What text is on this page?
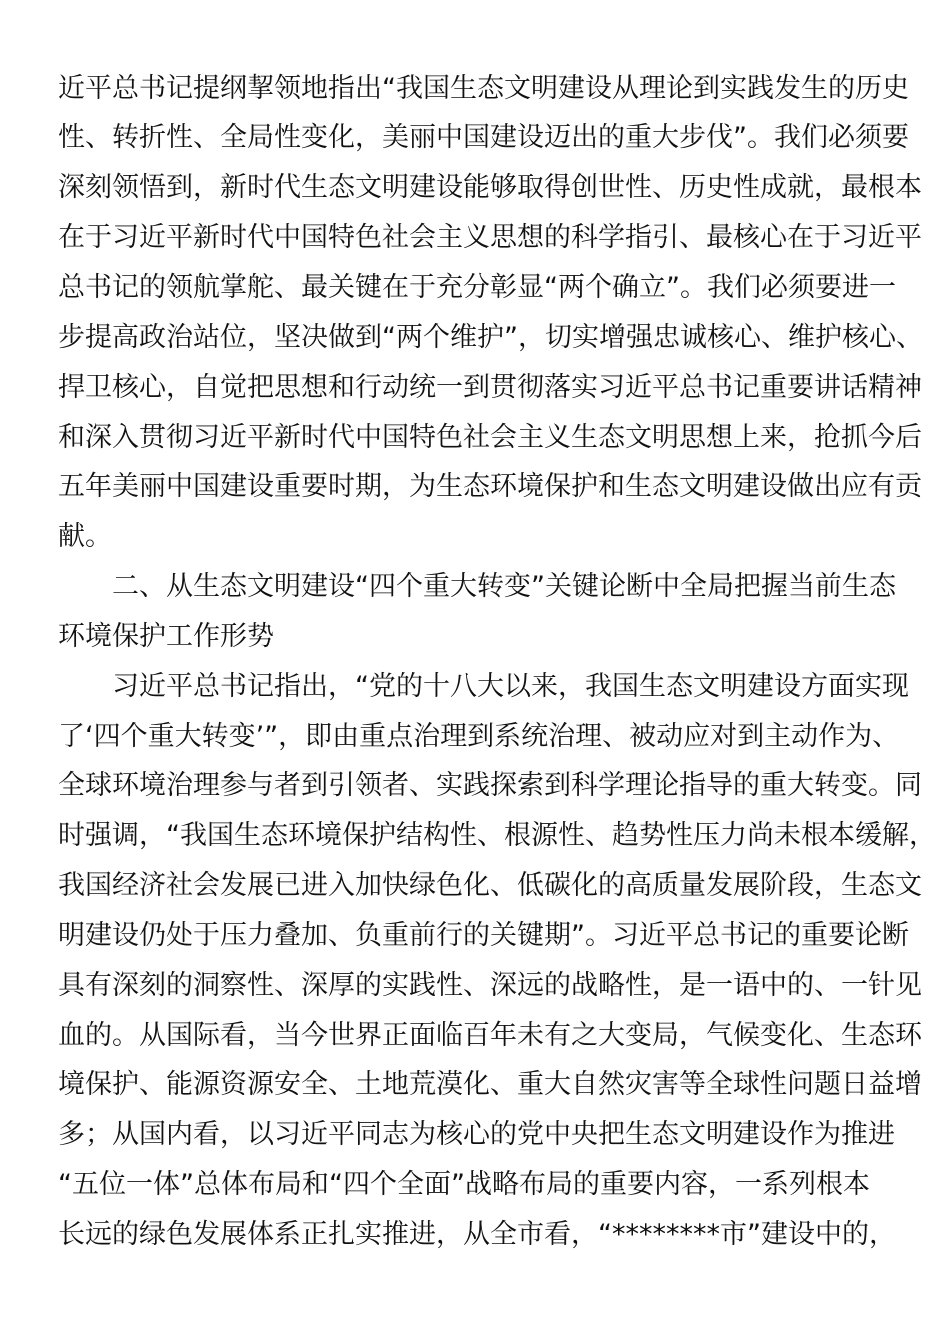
近平总书记提纲挈领地指出“我国生态文明建设从理论到实践发生的历史
性、转折性、全局性变化，美丽中国建设迈出的重大步伐”。我们必须要
深刻领悟到，新时代生态文明建设能够取得创世性、历史性成就，最根本
在于习近平新时代中国特色社会主义思想的科学指引、最核心在于习近平
总书记的领航掌舵、最关键在于充分彰显“两个确立”。我们必须要进一
步提高政治站位，坚决做到“两个维护”，切实增强忠诚核心、维护核心、
捍卫核心，自觉把思想和行动统一到贯彻落实习近平总书记重要讲话精神
和深入贯彻习近平新时代中国特色社会主义生态文明思想上来，抢抓今后
五年美丽中国建设重要时期，为生态环境保护和生态文明建设做出应有贡
献。
二、从生态文明建设“四个重大转变”关键论断中全局把握当前生态
环境保护工作形势
习近平总书记指出，“党的十八大以来，我国生态文明建设方面实现
了‘四个重大转变’”，即由重点治理到系统治理、被动应对到主动作为、
全球环境治理参与者到引领者、实践探索到科学理论指导的重大转变。同
时强调，“我国生态环境保护结构性、根源性、趋势性压力尚未根本缓解，
我国经济社会发展已进入加快绿色化、低碳化的高质量发展阶段，生态文
明建设仍处于压力叠加、负重前行的关键期”。习近平总书记的重要论断
具有深刻的洞察性、深厚的实践性、深远的战略性，是一语中的、一针见
血的。从国际看，当今世界正面临百年未有之大变局，气候变化、生态环
境保护、能源资源安全、土地荒漠化、重大自然灾害等全球性问题日益增
多；从国内看，以习近平同志为核心的党中央把生态文明建设作为推进
“五位一体”总体布局和“四个全面”战略布局的重要内容，一系列根本
长远的绿色发展体系正扎实推进，从全市看，“********市”建设中的，
